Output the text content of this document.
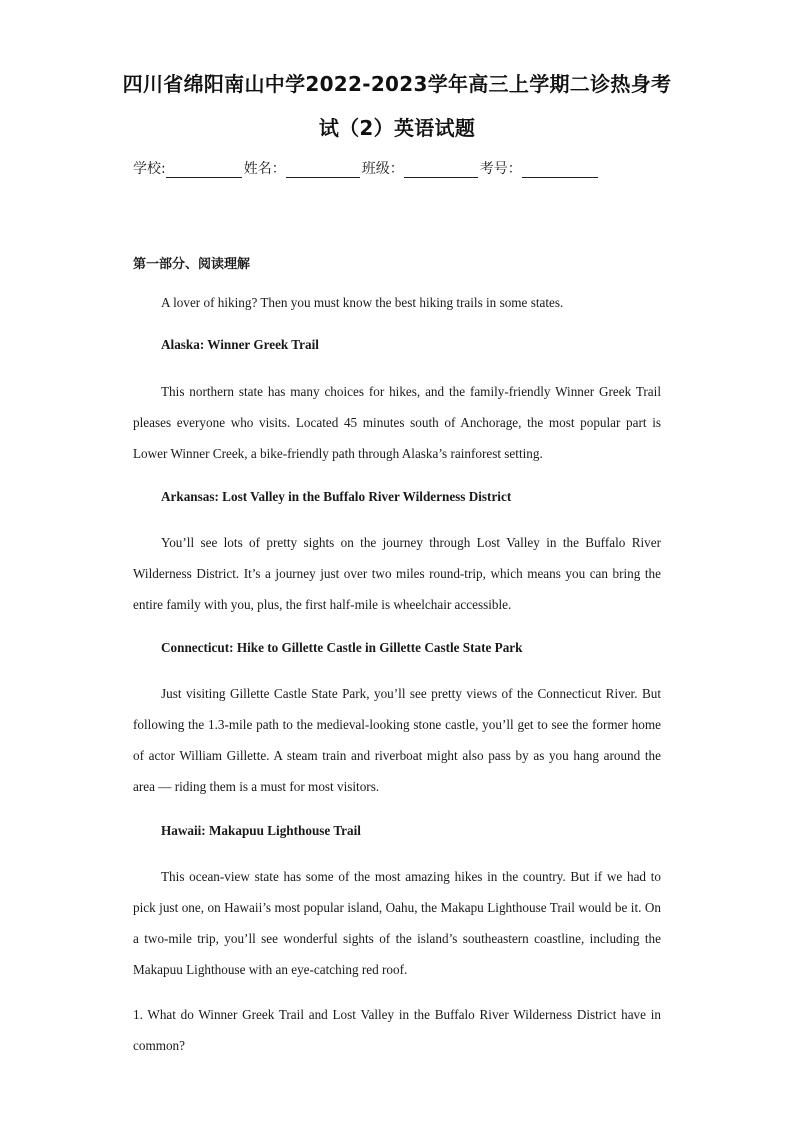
四川省绵阳南山中学2022-2023学年高三上学期二诊热身考
试（2）英语试题
学校:	姓名：	班级：	考号：
第一部分、阅读理解

A lover of hiking? Then you must know the best hiking trails in some states.

Alaska: Winner Greek Trail

This northern state has many choices for hikes, and the family-friendly Winner Greek Trail pleases everyone who visits. Located 45 minutes south of Anchorage, the most popular part is Lower Winner Creek, a bike-friendly path through Alaska’s rainforest setting.

Arkansas: Lost Valley in the Buffalo River Wilderness District

You’ll see lots of pretty sights on the journey through Lost Valley in the Buffalo River Wilderness District. It’s a journey just over two miles round-trip, which means you can bring the entire family with you, plus, the first half-mile is wheelchair accessible.

Connecticut: Hike to Gillette Castle in Gillette Castle State Park

Just visiting Gillette Castle State Park, you’ll see pretty views of the Connecticut River. But following the 1.3-mile path to the medieval-looking stone castle, you’ll get to see the former home of actor William Gillette. A steam train and riverboat might also pass by as you hang around the area — riding them is a must for most visitors.

Hawaii: Makapuu Lighthouse Trail

This ocean-view state has some of the most amazing hikes in the country. But if we had to pick just one, on Hawaii’s most popular island, Oahu, the Makapu Lighthouse Trail would be it. On a two-mile trip, you’ll see wonderful sights of the island’s southeastern coastline, including the Makapuu Lighthouse with an eye-catching red roof.

1. What do Winner Greek Trail and Lost Valley in the Buffalo River Wilderness District have in common?
